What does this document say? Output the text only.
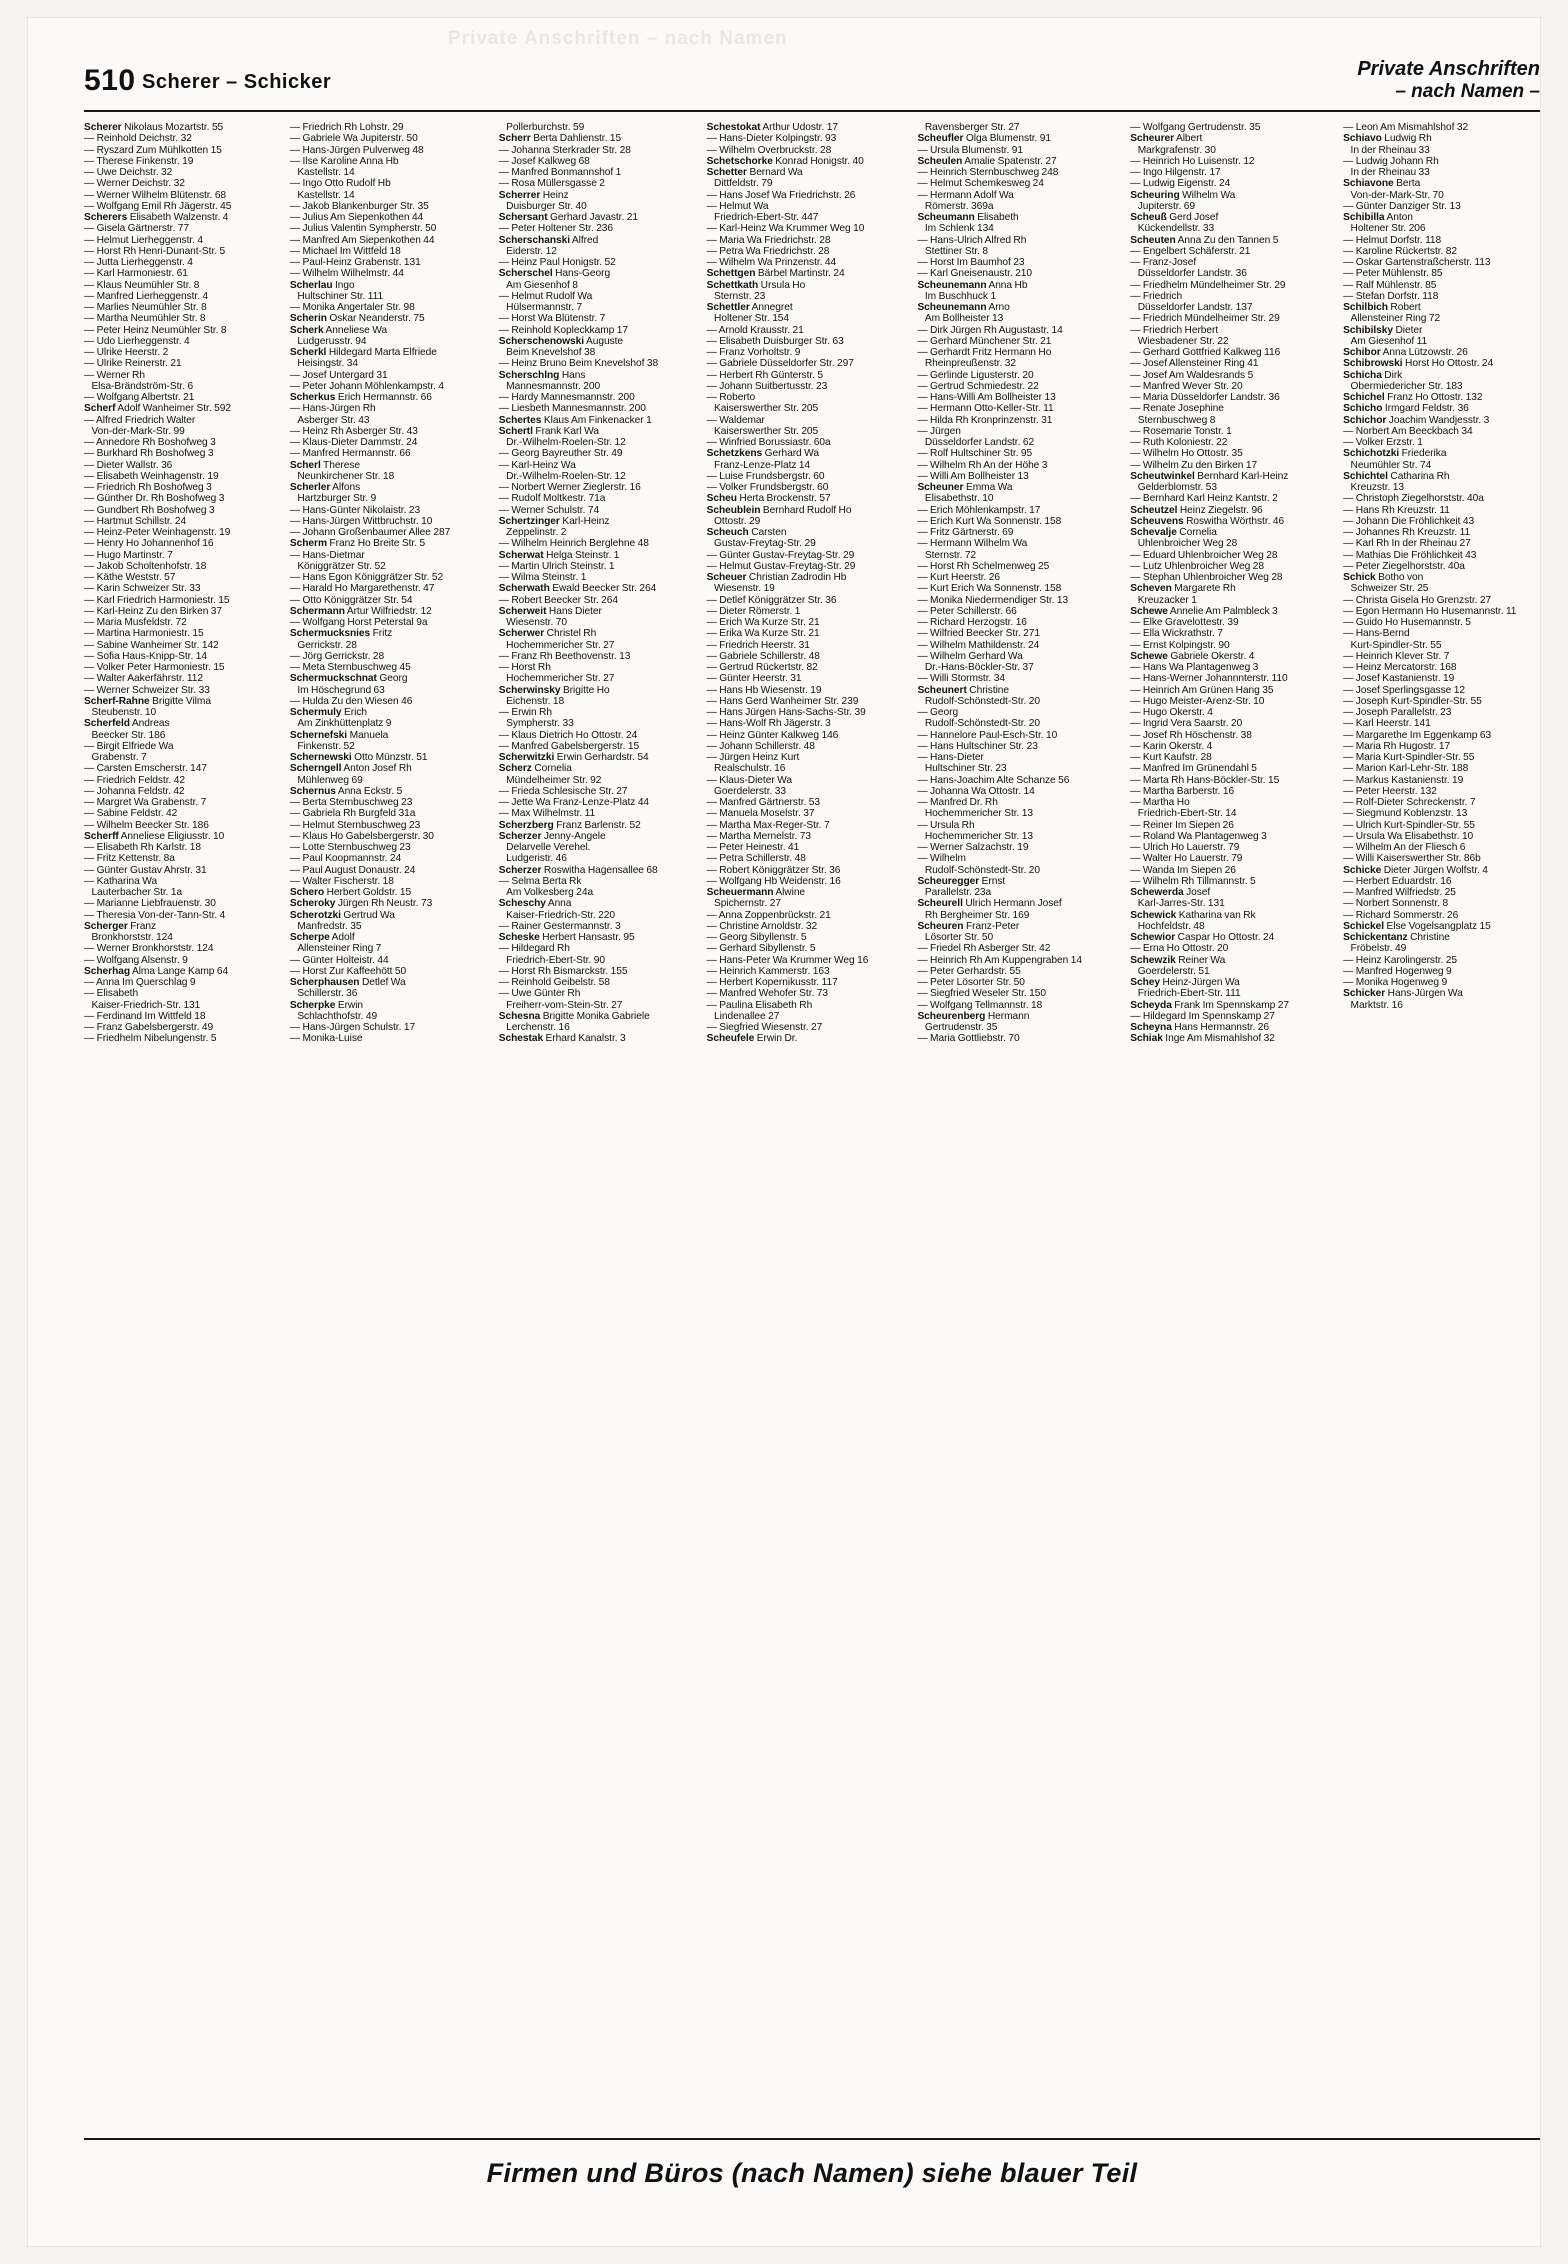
Private Anschriften – nach Namen
510 Scherer – Schicker
Private Anschriften
– nach Namen –
Scherer Nikolaus Mozartstr. 55
— Reinhold Deichstr. 32
— Ryszard Zum Mühlkotten 15
— Therese Finkenstr. 19
— Uwe Deichstr. 32
— Werner Deichstr. 32
— Werner Wilhelm Blütenstr. 68
— Wolfgang Emil Rh Jägerstr. 45
Scherers Elisabeth Walzenstr. 4
— Gisela Gärtnerstr. 77
— Helmut Lierheggenstr. 4
— Horst Rh Henri-Dunant-Str. 5
— Jutta Lierheggenstr. 4
— Karl Harmoniestr. 61
— Klaus Neumühler Str. 8
— Manfred Lierheggenstr. 4
— Marlies Neumühler Str. 8
— Martha Neumühler Str. 8
— Peter Heinz Neumühler Str. 8
— Udo Lierheggenstr. 4
— Ulrike Heerstr. 2
— Ulrike Reinerstr. 21
— Werner Rh
Elsa-Brändström-Str. 6
— Wolfgang Albertstr. 21
Scherf Adolf Wanheimer Str. 592
— Alfred Friedrich Walter
Von-der-Mark-Str. 99
— Annedore Rh Boshofweg 3
— Burkhard Rh Boshofweg 3
— Dieter Wallstr. 36
— Elisabeth Weinhagenstr. 19
— Friedrich Rh Boshofweg 3
— Günther Dr. Rh Boshofweg 3
— Gundbert Rh Boshofweg 3
— Hartmut Schillstr. 24
— Heinz-Peter Weinhagenstr. 19
— Henry Ho Johannenhof 16
— Hugo Martinstr. 7
— Jakob Scholtenhofstr. 18
— Käthe Weststr. 57
— Karin Schweizer Str. 33
— Karl Friedrich Harmoniestr. 15
— Karl-Heinz Zu den Birken 37
— Maria Musfeldstr. 72
— Martina Harmoniestr. 15
— Sabine Wanheimer Str. 142
— Sofia Haus-Knipp-Str. 14
— Volker Peter Harmoniestr. 15
— Walter Aakerfährstr. 112
— Werner Schweizer Str. 33
Scherf-Rahne Brigitte Vilma
Steubenstr. 10
Scherfeld Andreas
Beecker Str. 186
— Birgit Elfriede Wa
Grabenstr. 7
— Carsten Emscherstr. 147
— Friedrich Feldstr. 42
— Johanna Feldstr. 42
— Margret Wa Grabenstr. 7
— Sabine Feldstr. 42
— Wilhelm Beecker Str. 186
Scherff Anneliese Eligiusstr. 10
— Elisabeth Rh Karlstr. 18
— Fritz Kettenstr. 8a
— Günter Gustav Ahrstr. 31
— Katharina Wa
Lauterbacher Str. 1a
— Marianne Liebfrauenstr. 30
— Theresia Von-der-Tann-Str. 4
Scherger Franz
Bronkhorststr. 124
— Werner Bronkhorststr. 124
— Wolfgang Alsenstr. 9
Scherhag Alma Lange Kamp 64
— Anna Im Querschlag 9
— Elisabeth
Kaiser-Friedrich-Str. 131
— Ferdinand Im Wittfeld 18
— Franz Gabelsbergerstr. 49
— Friedhelm Nibelungenstr. 5
— Friedrich Rh Lohstr. 29
— Gabriele Wa Jupiterstr. 50
— Hans-Jürgen Pulverweg 48
— Ilse Karoline Anna Hb
Kastellstr. 14
— Ingo Otto Rudolf Hb
Kastellstr. 14
— Jakob Blankenburger Str. 35
— Julius Am Siepenkothen 44
— Julius Valentin Sympherstr. 50
— Manfred Am Siepenkothen 44
— Michael Im Wittfeld 18
— Paul-Heinz Grabenstr. 131
— Wilhelm Wilhelmstr. 44
Scherlau Ingo
Hultschiner Str. 111
— Monika Angertaler Str. 98
Scherin Oskar Neanderstr. 75
Scherk Anneliese Wa
Ludgerusstr. 94
Scherkl Hildegard Marta Elfriede
Heisingstr. 34
— Josef Untergard 31
— Peter Johann Möhlenkampstr. 4
Scherkus Erich Hermannstr. 66
— Hans-Jürgen Rh
Asberger Str. 43
— Heinz Rh Asberger Str. 43
— Klaus-Dieter Dammstr. 24
— Manfred Hermannstr. 66
Scherl Therese
Neunkirchener Str. 18
Scherler Alfons
Hartzburger Str. 9
— Hans-Günter Nikolaistr. 23
— Hans-Jürgen Wittbruchstr. 10
— Johann Großenbaumer Allee 287
Scherm Franz Ho Breite Str. 5
— Hans-Dietmar
Königgrätzer Str. 52
— Hans Egon Königgrätzer Str. 52
— Harald Ho Margarethenstr. 47
— Otto Königgrätzer Str. 54
Schermann Artur Wilfriedstr. 12
— Wolfgang Horst Peterstal 9a
Schermucksnies Fritz
Gerrickstr. 28
— Jörg Gerrickstr. 28
— Meta Sternbuschweg 45
Schermuckschnat Georg
Im Höschegrund 63
— Hulda Zu den Wiesen 46
Schermuly Erich
Am Zinkhüttenplatz 9
Schernefski Manuela
Finkenstr. 52
Schernewski Otto Münzstr. 51
Scherngell Anton Josef Rh
Mühlenweg 69
Schernus Anna Eckstr. 5
— Berta Sternbuschweg 23
— Gabriela Rh Burgfeld 31a
— Helmut Sternbuschweg 23
— Klaus Ho Gabelsbergerstr. 30
— Lotte Sternbuschweg 23
— Paul Koopmannstr. 24
— Paul August Donaustr. 24
— Walter Fischerstr. 18
Schero Herbert Goldstr. 15
Scheroky Jürgen Rh Neustr. 73
Scherotzki Gertrud Wa
Manfredstr. 35
Scherpe Adolf
Allensteiner Ring 7
— Günter Holteistr. 44
— Horst Zur Kaffeehött 50
Scherphausen Detlef Wa
Schillerstr. 36
Scherpke Erwin
Schlachthofstr. 49
— Hans-Jürgen Schulstr. 17
— Monika-Luise
Pollerburchstr. 59
Scherr Berta Dahlienstr. 15
— Johanna Sterkrader Str. 28
— Josef Kalkweg 68
— Manfred Bonmannshof 1
— Rosa Müllersgasse 2
Scherrer Heinz
Duisburger Str. 40
Schersant Gerhard Javastr. 21
— Peter Holtener Str. 236
Scherschanski Alfred
Eiderstr. 12
— Heinz Paul Honigstr. 52
Scherschel Hans-Georg
Am Giesenhof 8
— Helmut Rudolf Wa
Hülsermannstr. 7
— Horst Wa Blütenstr. 7
— Reinhold Kopleckkamp 17
Scherschenowski Auguste
Beim Knevelshof 38
— Heinz Bruno Beim Knevelshof 38
Scherschlng Hans
Mannesmannstr. 200
— Hardy Mannesmannstr. 200
— Liesbeth Mannesmannstr. 200
Schertes Klaus Am Finkenacker 1
Schertl Frank Karl Wa
Dr.-Wilhelm-Roelen-Str. 12
— Georg Bayreuther Str. 49
— Karl-Heinz Wa
Dr.-Wilhelm-Roelen-Str. 12
— Norbert Werner Zieglerstr. 16
— Rudolf Moltkestr. 71a
— Werner Schulstr. 74
Schertzinger Karl-Heinz
Zeppelinstr. 2
— Wilhelm Heinrich Berglehne 48
Scherwat Helga Steinstr. 1
— Martin Ulrich Steinstr. 1
— Wilma Steinstr. 1
Scherwath Ewald Beecker Str. 264
— Robert Beecker Str. 264
Scherweit Hans Dieter
Wiesenstr. 70
Scherwer Christel Rh
Hochemmericher Str. 27
— Franz Rh Beethovenstr. 13
— Horst Rh
Hochemmericher Str. 27
Scherwinsky Brigitte Ho
Eichenstr. 18
— Erwin Rh
Sympherstr. 33
— Klaus Dietrich Ho Ottostr. 24
— Manfred Gabelsbergerstr. 15
Scherwitzki Erwin Gerhardstr. 54
Scherz Cornelia
Mündelheimer Str. 92
— Frieda Schlesische Str. 27
— Jette Wa Franz-Lenze-Platz 44
— Max Wilhelmstr. 11
Scherzberg Franz Barlenstr. 52
Scherzer Jenny-Angele
Delarvelle Verehel.
Ludgeristr. 46
Scherzer Roswitha Hagensallee 68
— Selma Berta Rk
Am Volkesberg 24a
Scheschy Anna
Kaiser-Friedrich-Str. 220
— Rainer Gestermannstr. 3
Scheske Herbert Hansastr. 95
— Hildegard Rh
Friedrich-Ebert-Str. 90
— Horst Rh Bismarckstr. 155
— Reinhold Geibelstr. 58
— Uwe Günter Rh
Freiherr-vom-Stein-Str. 27
Schesna Brigitte Monika Gabriele
Lerchenstr. 16
Schestak Erhard Kanalstr. 3
Schestokat Arthur Udostr. 17
— Hans-Dieter Kolpingstr. 93
— Wilhelm Overbruckstr. 28
Schetschorke Konrad Honigstr. 40
Schetter Bernard Wa
Dittfeldstr. 79
— Hans Josef Wa Friedrichstr. 26
— Helmut Wa
Friedrich-Ebert-Str. 447
— Karl-Heinz Wa Krummer Weg 10
— Maria Wa Friedrichstr. 28
— Petra Wa Friedrichstr. 28
— Wilhelm Wa Prinzenstr. 44
Schettgen Bärbel Martinstr. 24
Schettkath Ursula Ho
Sternstr. 23
Schettler Annegret
Holtener Str. 154
— Arnold Krausstr. 21
— Elisabeth Duisburger Str. 63
— Franz Vorholtstr. 9
— Gabriele Düsseldorfer Str. 297
— Herbert Rh Günterstr. 5
— Johann Suitbertusstr. 23
— Roberto
Kaiserswerther Str. 205
— Waldemar
Kaiserswerther Str. 205
— Winfried Borussiastr. 60a
Schetzkens Gerhard Wa
Franz-Lenze-Platz 14
— Luise Frundsbergstr. 60
— Volker Frundsbergstr. 60
Scheu Herta Brockenstr. 57
Scheublein Bernhard Rudolf Ho
Ottostr. 29
Scheuch Carsten
Gustav-Freytag-Str. 29
— Günter Gustav-Freytag-Str. 29
— Helmut Gustav-Freytag-Str. 29
Scheuer Christian Zadrodin Hb
Wiesenstr. 19
— Detlef Königgrätzer Str. 36
— Dieter Römerstr. 1
— Erich Wa Kurze Str. 21
— Erika Wa Kurze Str. 21
— Friedrich Heerstr. 31
— Gabriele Schillerstr. 48
— Gertrud Rückertstr. 82
— Günter Heerstr. 31
— Hans Hb Wiesenstr. 19
— Hans Gerd Wanheimer Str. 239
— Hans Jürgen Hans-Sachs-Str. 39
— Hans-Wolf Rh Jägerstr. 3
— Heinz Günter Kalkweg 146
— Johann Schillerstr. 48
— Jürgen Heinz Kurt
Realschulstr. 16
— Klaus-Dieter Wa
Goerdelerstr. 33
— Manfred Gärtnerstr. 53
— Manuela Moselstr. 37
— Martha Max-Reger-Str. 7
— Martha Mernelstr. 73
— Peter Heinestr. 41
— Petra Schillerstr. 48
— Robert Königgrätzer Str. 36
— Wolfgang Hb Weidenstr. 16
Scheuermann Alwine
Spichernstr. 27
— Anna Zoppenbrückstr. 21
— Christine Arnoldstr. 32
— Georg Sibyllenstr. 5
— Gerhard Sibyllenstr. 5
— Hans-Peter Wa Krummer Weg 16
— Heinrich Kammerstr. 163
— Herbert Kopernikusstr. 117
— Manfred Wehofer Str. 73
— Paulina Elisabeth Rh
Lindenallee 27
— Siegfried Wiesenstr. 27
Scheufele Erwin Dr.
Ravensberger Str. 27
Scheufler Olga Blumenstr. 91
— Ursula Blumenstr. 91
Scheulen Amalie Spatenstr. 27
— Heinrich Sternbuschweg 248
— Helmut Schemkesweg 24
— Hermann Adolf Wa
Römerstr. 369a
Scheumann Elisabeth
Im Schlenk 134
— Hans-Ulrich Alfred Rh
Stettiner Str. 8
— Horst Im Baumhof 23
— Karl Gneisenaustr. 210
Scheunemann Anna Hb
Im Buschhuck 1
Scheunemann Arno
Am Bollheister 13
— Dirk Jürgen Rh Augustastr. 14
— Gerhard Münchener Str. 21
— Gerhardt Fritz Hermann Ho
Rheinpreußenstr. 32
— Gerlinde Ligusterstr. 20
— Gertrud Schmiedestr. 22
— Hans-Willi Am Bollheister 13
— Hermann Otto-Keller-Str. 11
— Hilda Rh Kronprinzenstr. 31
— Jürgen
Düsseldorfer Landstr. 62
— Rolf Hultschiner Str. 95
— Wilhelm Rh An der Höhe 3
— Willi Am Bollheister 13
Scheuner Emma Wa
Elisabethstr. 10
— Erich Möhlenkampstr. 17
— Erich Kurt Wa Sonnenstr. 158
— Fritz Gärtnerstr. 69
— Hermann Wilhelm Wa
Sternstr. 72
— Horst Rh Schelmenweg 25
— Kurt Heerstr. 26
— Kurt Erich Wa Sonnenstr. 158
— Monika Niedermendiger Str. 13
— Peter Schillerstr. 66
— Richard Herzogstr. 16
— Wilfried Beecker Str. 271
— Wilhelm Mathildenstr. 24
— Wilhelm Gerhard Wa
Dr.-Hans-Böckler-Str. 37
— Willi Stormstr. 34
Scheunert Christine
Rudolf-Schönstedt-Str. 20
— Georg
Rudolf-Schönstedt-Str. 20
— Hannelore Paul-Esch-Str. 10
— Hans Hultschiner Str. 23
— Hans-Dieter
Hultschiner Str. 23
— Hans-Joachim Alte Schanze 56
— Johanna Wa Ottostr. 14
— Manfred Dr. Rh
Hochemmericher Str. 13
— Ursula Rh
Hochemmericher Str. 13
— Werner Salzachstr. 19
— Wilhelm
Rudolf-Schönstedt-Str. 20
Scheuregger Ernst
Parallelstr. 23a
Scheurell Ulrich Hermann Josef
Rh Bergheimer Str. 169
Scheuren Franz-Peter
Lösorter Str. 50
— Friedel Rh Asberger Str. 42
— Heinrich Rh Am Kuppengraben 14
— Peter Gerhardstr. 55
— Peter Lösorter Str. 50
— Siegfried Weseler Str. 150
— Wolfgang Tellmannstr. 18
Scheurenberg Hermann
Gertrudenstr. 35
— Maria Gottliebstr. 70
— Wolfgang Gertrudenstr. 35
Scheurer Albert
Markgrafenstr. 30
— Heinrich Ho Luisenstr. 12
— Ingo Hilgenstr. 17
— Ludwig Eigenstr. 24
Scheuring Wilhelm Wa
Jupiterstr. 69
Scheuß Gerd Josef
Kückendellstr. 33
Scheuten Anna Zu den Tannen 5
— Engelbert Schäferstr. 21
— Franz-Josef
Düsseldorfer Landstr. 36
— Friedhelm Mündelheimer Str. 29
— Friedrich
Düsseldorfer Landstr. 137
— Friedrich Mündelheimer Str. 29
— Friedrich Herbert
Wiesbadener Str. 22
— Gerhard Gottfried Kalkweg 116
— Josef Allensteiner Ring 41
— Josef Am Waldesrands 5
— Manfred Wever Str. 20
— Maria Düsseldorfer Landstr. 36
— Renate Josephine
Sternbuschweg 8
— Rosemarie Tonstr. 1
— Ruth Koloniestr. 22
— Wilhelm Ho Ottostr. 35
— Wilhelm Zu den Birken 17
Scheutwinkel Bernhard Karl-Heinz
Gelderblomstr. 53
— Bernhard Karl Heinz Kantstr. 2
Scheutzel Heinz Ziegelstr. 96
Scheuvens Roswitha Wörthstr. 46
Schevalje Cornelia
Uhlenbroicher Weg 28
— Eduard Uhlenbroicher Weg 28
— Lutz Uhlenbroicher Weg 28
— Stephan Uhlenbroicher Weg 28
Scheven Margarete Rh
Kreuzacker 1
Schewe Annelie Am Palmbleck 3
— Elke Gravelottestr. 39
— Ella Wickrathstr. 7
— Ernst Kolpingstr. 90
Schewe Gabriele Okerstr. 4
— Hans Wa Plantagenweg 3
— Hans-Werner Johannnterstr. 110
— Heinrich Am Grünen Hang 35
— Hugo Meister-Arenz-Str. 10
— Hugo Okerstr. 4
— Ingrid Vera Saarstr. 20
— Josef Rh Höschenstr. 38
— Karin Okerstr. 4
— Kurt Kaufstr. 28
— Manfred Im Grünendahl 5
— Marta Rh Hans-Böckler-Str. 15
— Martha Barberstr. 16
— Martha Ho
Friedrich-Ebert-Str. 14
— Reiner Im Siepen 26
— Roland Wa Plantagenweg 3
— Ulrich Ho Lauerstr. 79
— Walter Ho Lauerstr. 79
— Wanda Im Siepen 26
— Wilhelm Rh Tillmannstr. 5
Schewerda Josef
Karl-Jarres-Str. 131
Schewick Katharina van Rk
Hochfeldstr. 48
Schewior Caspar Ho Ottostr. 24
— Erna Ho Ottostr. 20
Schewzik Reiner Wa
Goerdelerstr. 51
Schey Heinz-Jürgen Wa
Friedrich-Ebert-Str. 111
Scheyda Frank Im Spennskamp 27
— Hildegard Im Spennskamp 27
Scheyna Hans Hermannstr. 26
Schiak Inge Am Mismahlshof 32
— Leon Am Mismahlshof 32
Schiavo Ludwig Rh
In der Rheinau 33
— Ludwig Johann Rh
In der Rheinau 33
Schiavone Berta
Von-der-Mark-Str. 70
— Günter Danziger Str. 13
Schibilla Anton
Holtener Str. 206
— Helmut Dorfstr. 118
— Karoline Rückertstr. 82
— Oskar Gartenstraßcherstr. 113
— Peter Mühlenstr. 85
— Ralf Mühlenstr. 85
— Stefan Dorfstr. 118
Schilbich Robert
Allensteiner Ring 72
Schibilsky Dieter
Am Giesenhof 11
Schibor Anna Lützowstr. 26
Schibrowski Horst Ho Ottostr. 24
Schicha Dirk
Obermiedericher Str. 183
Schichel Franz Ho Ottostr. 132
Schicho Irmgard Feldstr. 36
Schichor Joachim Wandjesstr. 3
— Norbert Am Beeckbach 34
— Volker Erzstr. 1
Schichotzki Friederika
Neumühler Str. 74
Schichtel Catharina Rh
Kreuzstr. 13
— Christoph Ziegelhorststr. 40a
— Hans Rh Kreuzstr. 11
— Johann Die Fröhlichkeit 43
— Johannes Rh Kreuzstr. 11
— Karl Rh In der Rheinau 27
— Mathias Die Fröhlichkeit 43
— Peter Ziegelhorststr. 40a
Schick Botho von
Schweizer Str. 25
— Christa Gisela Ho Grenzstr. 27
— Egon Hermann Ho Husemannstr. 11
— Guido Ho Husemannstr. 5
— Hans-Bernd
Kurt-Spindler-Str. 55
— Heinrich Klever Str. 7
— Heinz Mercatorstr. 168
— Josef Kastanienstr. 19
— Josef Sperlingsgasse 12
— Joseph Kurt-Spindler-Str. 55
— Joseph Parallelstr. 23
— Karl Heerstr. 141
— Margarethe Im Eggenkamp 63
— Maria Rh Hugostr. 17
— Maria Kurt-Spindler-Str. 55
— Marion Karl-Lehr-Str. 188
— Markus Kastanienstr. 19
— Peter Heerstr. 132
— Rolf-Dieter Schreckenstr. 7
— Siegmund Koblenzstr. 13
— Ulrich Kurt-Spindler-Str. 55
— Ursula Wa Elisabethstr. 10
— Wilhelm An der Fliesch 6
— Willi Kaiserswerther Str. 86b
Schicke Dieter Jürgen Wolfstr. 4
— Herbert Eduardstr. 16
— Manfred Wilfriedstr. 25
— Norbert Sonnenstr. 8
— Richard Sommerstr. 26
Schickel Else Vogelsangplatz 15
Schickentanz Christine
Fröbelstr. 49
— Heinz Karolingerstr. 25
— Manfred Hogenweg 9
— Monika Hogenweg 9
Schicker Hans-Jürgen Wa
Marktstr. 16
Firmen und Büros (nach Namen) siehe blauer Teil
